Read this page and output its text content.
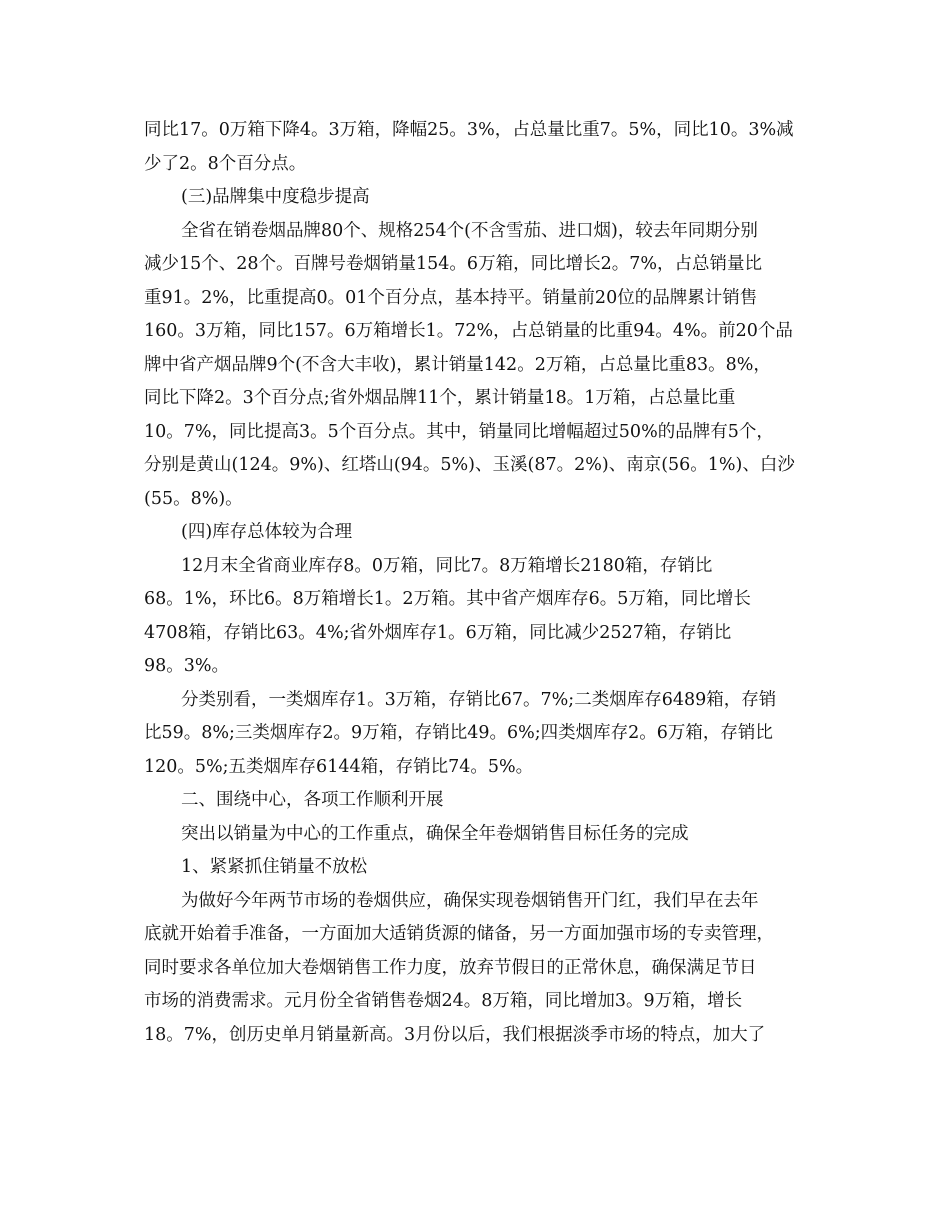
同比17。0万箱下降4。3万箱，降幅25。3%，占总量比重7。5%，同比10。3%减
少了2。8个百分点。
(三)品牌集中度稳步提高
全省在销卷烟品牌80个、规格254个(不含雪茄、进口烟)，较去年同期分别
减少15个、28个。百牌号卷烟销量154。6万箱，同比增长2。7%，占总销量比
重91。2%，比重提高0。01个百分点，基本持平。销量前20位的品牌累计销售
160。3万箱，同比157。6万箱增长1。72%，占总销量的比重94。4%。前20个品
牌中省产烟品牌9个(不含大丰收)，累计销量142。2万箱，占总量比重83。8%，
同比下降2。3个百分点;省外烟品牌11个，累计销量18。1万箱，占总量比重
10。7%，同比提高3。5个百分点。其中，销量同比增幅超过50%的品牌有5个，
分别是黄山(124。9%)、红塔山(94。5%)、玉溪(87。2%)、南京(56。1%)、白沙
(55。8%)。
(四)库存总体较为合理
12月末全省商业库存8。0万箱，同比7。8万箱增长2180箱，存销比
68。1%，环比6。8万箱增长1。2万箱。其中省产烟库存6。5万箱，同比增长
4708箱，存销比63。4%;省外烟库存1。6万箱，同比减少2527箱，存销比
98。3%。
分类别看，一类烟库存1。3万箱，存销比67。7%;二类烟库存6489箱，存销
比59。8%;三类烟库存2。9万箱，存销比49。6%;四类烟库存2。6万箱，存销比
120。5%;五类烟库存6144箱，存销比74。5%。
二、围绕中心，各项工作顺利开展
突出以销量为中心的工作重点，确保全年卷烟销售目标任务的完成
1、紧紧抓住销量不放松
为做好今年两节市场的卷烟供应，确保实现卷烟销售开门红，我们早在去年
底就开始着手准备，一方面加大适销货源的储备，另一方面加强市场的专卖管理，
同时要求各单位加大卷烟销售工作力度，放弃节假日的正常休息，确保满足节日
市场的消费需求。元月份全省销售卷烟24。8万箱，同比增加3。9万箱，增长
18。7%，创历史单月销量新高。3月份以后，我们根据淡季市场的特点，加大了
